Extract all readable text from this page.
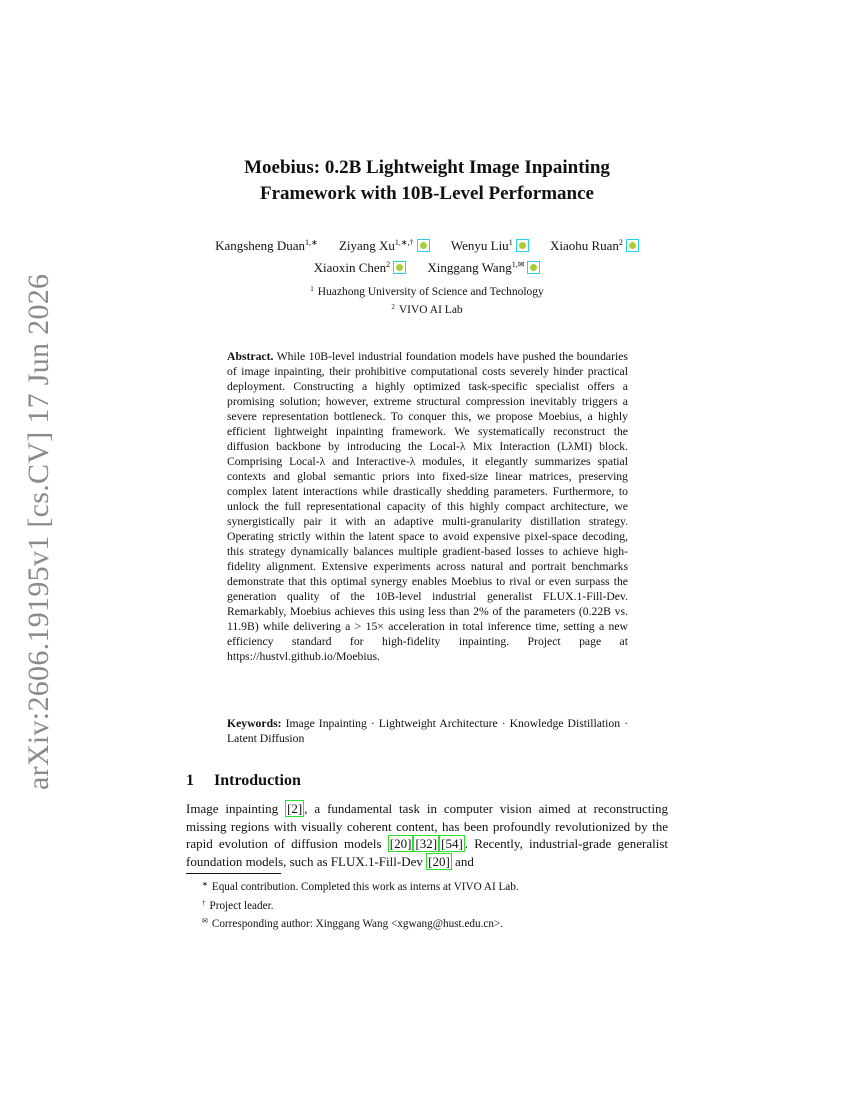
arXiv:2606.19195v1 [cs.CV] 17 Jun 2026
Moebius: 0.2B Lightweight Image Inpainting
Framework with 10B-Level Performance
Kangsheng Duan$^{1,∗}$ Ziyang $Xu^{1,∗,\dagger}$	Wenyu Liu$^1$	Xiaohu Ruan$^2$
Xiaoxin Chen$^2$	Xinggang Wang$^{1,✉}$
$^1$ Huazhong University of Science and Technology
$^2$ VIVO AI Lab
Abstract. While 10B-level industrial foundation models have pushed the boundaries of image inpainting, their prohibitive computational costs severely hinder practical deployment. Constructing a highly optimized task-specific specialist offers a promising solution; however, extreme structural compression inevitably triggers a severe representation bottleneck. To conquer this, we propose Moebius, a highly efficient lightweight inpainting framework. We systematically reconstruct the diffusion backbone by introducing the Local-λ Mix Interaction (LλMI) block. Comprising Local-λ and Interactive-λ modules, it elegantly summarizes spatial contexts and global semantic priors into fixed-size linear matrices, preserving complex latent interactions while drastically shedding parameters. Furthermore, to unlock the full representational capacity of this highly compact architecture, we synergistically pair it with an adaptive multi-granularity distillation strategy. Operating strictly within the latent space to avoid expensive pixel-space decoding, this strategy dynamically balances multiple gradient-based losses to achieve high-fidelity alignment. Extensive experiments across natural and portrait benchmarks demonstrate that this optimal synergy enables Moebius to rival or even surpass the generation quality of the 10B-level industrial generalist FLUX.1-Fill-Dev. Remarkably, Moebius achieves this using less than 2% of the parameters (0.22B vs. 11.9B) while delivering a > 15× acceleration in total inference time, setting a new efficiency standard for high-fidelity inpainting. Project page at https://hustvl.github.io/Moebius.
Keywords: Image Inpainting · Lightweight Architecture · Knowledge Distillation · Latent Diffusion
1 Introduction
Image inpainting [2] , a fundamental task in computer vision aimed at reconstructing missing regions with visually coherent content, has been profoundly revolutionized by the rapid evolution of diffusion models [20] [32] [54] . Recently, industrial-grade generalist foundation models, such as FLUX.1-Fill-Dev [20] and
∗ Equal contribution. Completed this work as interns at VIVO AI Lab.
† Project leader.
✉ Corresponding author: Xinggang Wang <xgwang@hust.edu.cn>.
